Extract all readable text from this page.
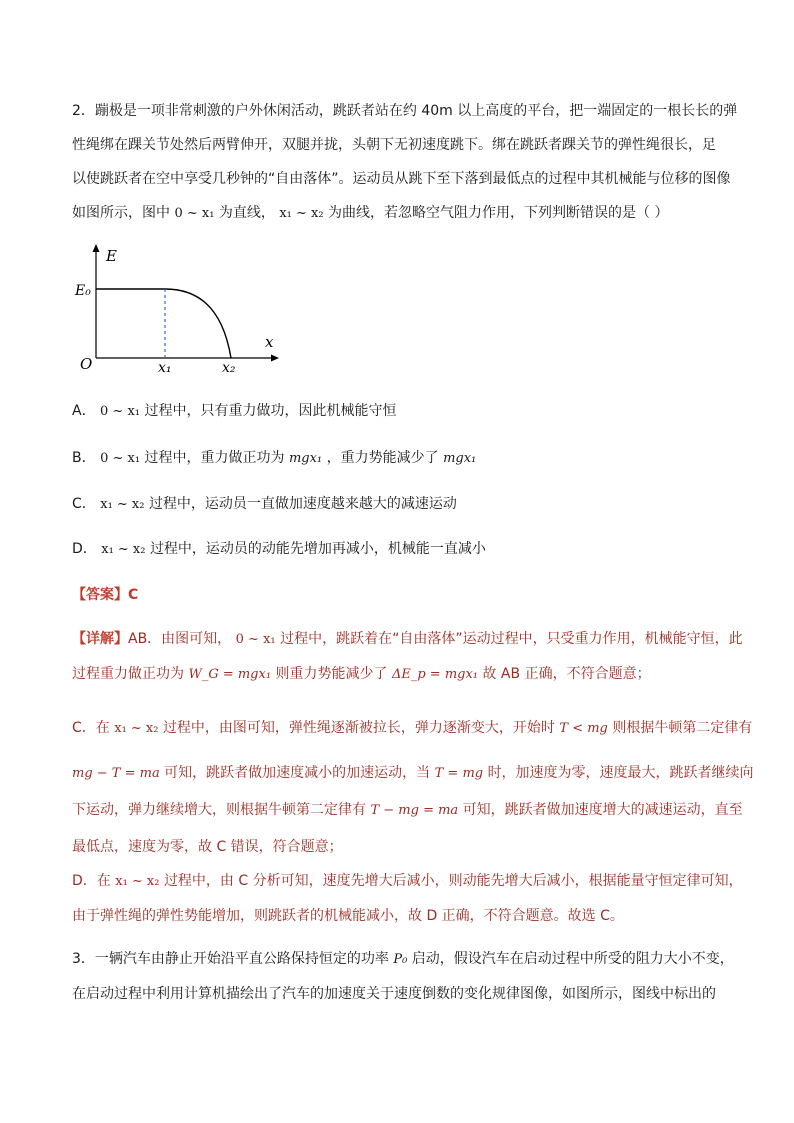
2．蹦极是一项非常刺激的户外休闲活动，跳跃者站在约 40m 以上高度的平台，把一端固定的一根长长的弹
性绳绑在踝关节处然后两臂伸开，双腿并拢，头朝下无初速度跳下。绑在跳跃者踝关节的弹性绳很长，足
以使跳跃者在空中享受几秒钟的“自由落体”。运动员从跳下至下落到最低点的过程中其机械能与位移的图像
如图所示，图中 0 ~ x₁ 为直线， x₁ ~ x₂ 为曲线，若忽略空气阻力作用，下列判断错误的是（ ）
E
E₀
x
O	x₁	x₂
A． 0 ~ x₁ 过程中，只有重力做功，因此机械能守恒
B． 0 ~ x₁ 过程中，重力做正功为 mgx₁ ，重力势能减少了 mgx₁
C． x₁ ~ x₂ 过程中，运动员一直做加速度越来越大的减速运动
D． x₁ ~ x₂ 过程中，运动员的动能先增加再减小，机械能一直减小
【答案】C
【详解】AB．由图可知， 0 ~ x₁ 过程中，跳跃着在“自由落体”运动过程中，只受重力作用，机械能守恒，此
过程重力做正功为 W_G = mgx₁ 则重力势能减少了 ΔE_p = mgx₁ 故 AB 正确，不符合题意；
C．在 x₁ ~ x₂ 过程中，由图可知，弹性绳逐渐被拉长，弹力逐渐变大，开始时 T < mg 则根据牛顿第二定律有
mg − T = ma 可知，跳跃者做加速度减小的加速运动，当 T = mg 时，加速度为零，速度最大，跳跃者继续向
下运动，弹力继续增大，则根据牛顿第二定律有 T − mg = ma 可知，跳跃者做加速度增大的减速运动，直至
最低点，速度为零，故 C 错误，符合题意；
D．在 x₁ ~ x₂ 过程中，由 C 分析可知，速度先增大后减小，则动能先增大后减小，根据能量守恒定律可知，
由于弹性绳的弹性势能增加，则跳跃者的机械能减小，故 D 正确，不符合题意。故选 C。
3．一辆汽车由静止开始沿平直公路保持恒定的功率 P₀ 启动，假设汽车在启动过程中所受的阻力大小不变，
在启动过程中利用计算机描绘出了汽车的加速度关于速度倒数的变化规律图像，如图所示，图线中标出的
